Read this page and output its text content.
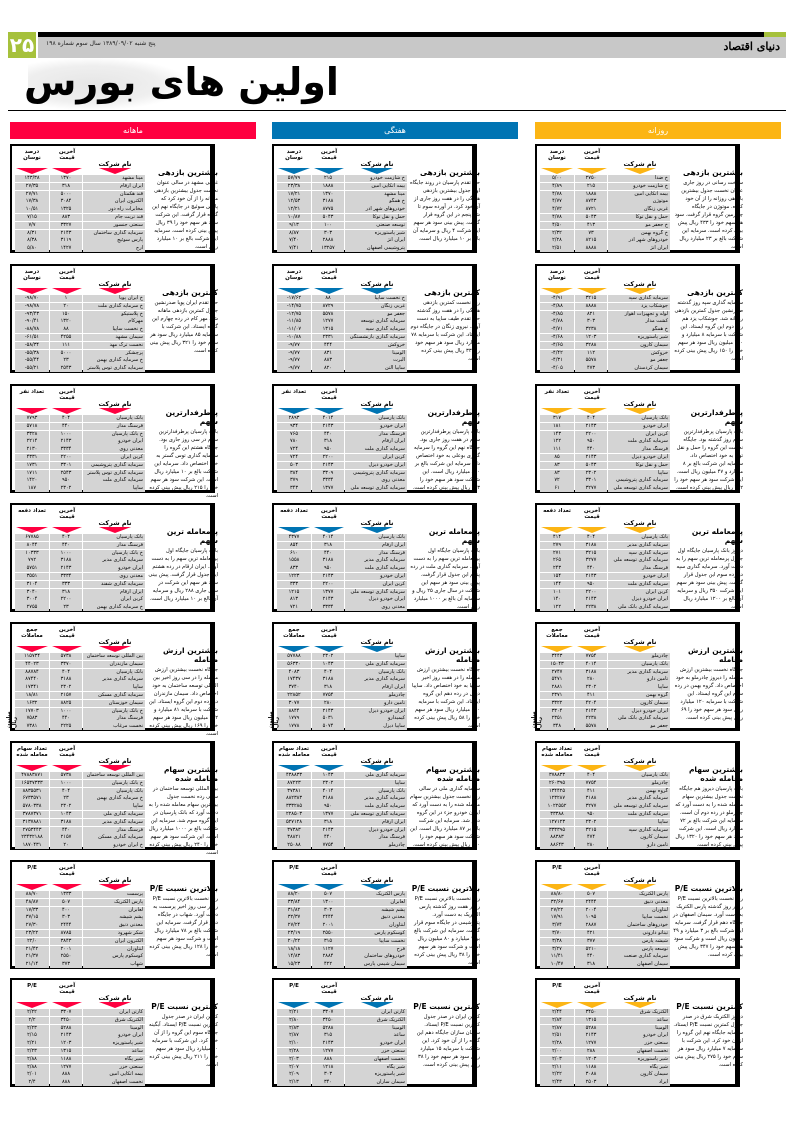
۲۵ پنج شنبه ۱۳۸۹/۰۹/۰۲ سال سوم شماره ۱۹۸	دنیای اقتصاد
اولین های بورس
روزانه
درصد نوسان
آخرین قیمت
نام شرکت
۵/۰۰	۲۷۵۰	خ ضدا
۴/۸۹	۲۱۵	خ شازمت خودرو
۴/۷۸	۱۸۸۸	بیمه اتکایی امین
۴/۷۷	۸۷۴۳	موتوژن
۴/۷۲	۸۷۲۱	غربی زنگان
۴/۷۸	۵۰۴۳	حمل و نقل توکا
۴/۵۰	۴۱۳	خ جعفر مو
۲/۳۲	۷۳	خ گروه بهمن
۲/۲۸	۸۲۱۵	خودروهای شهر آذر
۲/۵۱	۸۸۸۸	ایران آنژ
بیشترین بازدهی
سوخت رسانی در روز جاری عنوان نخست جدول بیشترین بازدهی روزانه را از آن خود کرده. موتوژن در جایگاه چهارمین گروه قرار گرفت. سود هر سهم خود را ۴۳۳ ریال پیش بینی کرده است. سرمایه این شرکت بالغ بر ۲۳ میلیارد ریال است.
درصد نوسان
آخرین قیمت
نام شرکت
-۴/۹۱	۳۲۱۵	سرمایه گذاری سپه
-۴/۸۸	۸۸۸۸	جوشکاب یزد
-۴/۸۵	۸۲۱	لوله و تجهیزات اهواز
-۴/۷۸	۳۰۳	کشت مدار
-۴/۷۱	۳۲۳۸	خ همگو
-۴/۶۸	۱۲۰۳	شیر پاستوریزه
-۴/۶۵	۳۲۸۸	سیمان کارون
-۴/۴۲	۱۱۲	خروکش
-۴/۳۱	۵۵۷۸	جعفر مو
-۴/۰۵	۴۷۳	سیمان کردستان
کمترین بازدهی
سرمایه گذاری سپه روز گذشته صدرنشین جدول کمترین بازدهی روزانه شد. جوشکاب یزد هم رده دوم این گروه ایستاد. این شرکت با سرمایه ۸ میلیارد و ۷۰۰ میلیون ریال سود هر سهم خود را ۱۵۰ ریال پیش بینی کرده است.
تعداد نفر	آخرین قیمت
نام شرکت
۳۱۷	۴۰۴	بانک پارسیان
۱۸۱	۲۱۴۳	ایران خودرو
۱۴۳	۲۲۰۰	کربن ایران
۱۲۲	۹۵۰	سرمایه گذاری ملت
۱۱۱	۴۴۰	فرسنگ مدار
۸۵	۲۱۴۳	ایران خودرو دیزل
۸۳	۵۰۴۳	حمل و نقل توکا
۸۳	۲۳۰۲	ساپیا
۷۲	۳۳۰۱	سرمایه گذاری پتروشیمی
۶۱	۳۲۷۷	سرمایه گذاری توسعه ملی
پرطرفدارترین سهم
بانک پارسیان پرطرفدارترین سهم روز گذشته بود. جایگاه نخست این گروه را حمل و نقل توکا به خود اختصاص داد. سرمایه این شرکت بالغ بر ۸ میلیارد و ۴۷ میلیون ریال است. این شرکت سود هر سهم خود را ۲۰۲ ریال پیش بینی کرده است.
تعداد دفعه	آخرین قیمت
نام شرکت
۴۱۴	۴۰۴	بانک پارسیان
۲۷۹	۳۱۸۸	سرمایه گذاری مدیر
۲۷۱	۳۲۱۵	سرمایه گذاری سپه
۲۶۵	۳۲۷۷	سرمایه گذاری توسعه ملی
۲۴۳	۴۴۰	فرسنگ مدار
۱۵۴	۲۱۴۳	ایران خودرو
۱۴۴	۹۵۰	سرمایه گذاری ملت
۱۰۱	۲۲۰۰	کربن ایران
۱۴۰	۲۱۴۳	ایران خودرو دیزل
۱۲۲	۲۲۳۸	سرمایه گذاری بانک ملی
پرمعامله ترین سهم
دیروز بانک پارسیان جایگاه اول جدول پرمعامله ترین سهم را به دست آورد. سرمایه گذاری سپه در رده سوم این جدول قرار گرفت. پیش بینی سود هر سهم این شرکت ۳۵۰ ریال و سرمایه آن بالغ بر ۱۲۰۰ میلیارد ریال است.
جمع معاملات
آخرین قیمت
نام شرکت
۳۴۴۳	۷۷۵۴	چادرملو
۱۵۰۴۳	۴۰۱۴	بانک پارسیان
۲۷۴۷	۳۱۸۸	سرمایه گذاری مدیر
۵۴۷۱	۲۸۰	تامین دارو
۲۸۸۱	۲۳۰۲	ساپیا
۲۳۷۱	۴۱۱	گروه بهمن
۳۳۲۲	۴۲۰۴	سیمان کارون
۳۳۰۴	۲۱۴۳	ایران خودرو دیزل
۲۳۵۱	۲۲۳۸	سرمایه گذاری بانک ملی
۳۴۸	۵۵۷۸	جعفر مو
بیشترین ارزش معامله
جایگاه نخست بیشترین ارزش معامله را دیروز چادرملو به خود اختصاص داد. گروه بهمن در رده سوم این گروه ایستاد. این شرکت با سرمایه ۱۲۰ میلیارد ریال سود هر سهم خود را ۶۹ ریال پیش بینی کرده است.
میلیون ریال
تعداد سهام معامله شده
آخرین قیمت
نام شرکت
۳۷۸۸۳۳	۴۰۴	بانک پارسیان
۲۶۰۳۹۵	۷۷۵۴	چادرملو
۱۳۴۴۲۵	۴۱۱	گروه بهمن
۱۲۳۲۸۷	۳۱۸۸	سرمایه گذاری مدیر
۱۰۲۲۵۵۲	۳۲۷۷	سرمایه گذاری توسعه ملی
۳۳۳۸۸	۹۵۰	سرمایه گذاری ملت
۱۲۷۱۲۳	۲۳۰۲	ساپیا
۳۳۳۳۹۵	۳۲۱۵	سرمایه گذاری سپه
۸۸۳۸۳	۴۷۴	سیمان کارون
۸۸۶۴۳	۲۸۰	تامین دارو
بیشترین سهام معامله شده
بانک پارسیان دیروز هم جایگاه نخست جدول بیشترین سهام معامله شده را به دست آورد که چادرملو در رده دوم آن است. سرمایه این شرکت بالغ بر ۷۲ میلیارد ریال است. این شرکت سود هر سهم خود را ۱۳۲۰ ریال پیش بینی کرده است.
P/E	آخرین قیمت
نام شرکت
۸۸/۸۰	۵۰۷	پارس الکتریک
۳۲/۶۷	۲۴۴۴	معدنی دنیق
۲۷/۲۲	۲۰۰۴	لنتاوران
۱۷/۹۱	۱۰۹۵	نخست ساپیا
۳/۷۴	۲۸۸۷	خودروهای ساختمان
۳/۷۰	۴۲۱	تیتانو دارونی
۳/۳۸	۳۷۷	شیشه پارس
۳/۲۷	۵۲۱۰	توسعه پارس
۱۱/۴۱	۴۴۰	سرمایه گذاری صنعت
۱۰/۴۷	۳۱۸	سیمان اصفهان
بالاترین نسبت P/E
رده نخست بالاترین نسبت P/E را در روز گذشته پارس الکتریک به دست آورد. سیمان اصفهان در جایگاه دهم قرار گرفت. سرمایه این شرکت بالغ بر ۳ میلیارد و ۴۹ میلیون ریال است و شرکت سود هر سهم خود را ۳۴۷ ریال پیش بینی کرده است.
P/E	آخرین قیمت
نام شرکت
۲/۴۴	۳۴۵۰	الکتریک شرق
۲/۸۴	۱۳۱۵	ساعد
۲/۸۷	۵۲۸۸	آلومینا
۲/۵۱	۲۱۴۳	ایران خودرو
۲/۲۸	۱۲۷۷	سنعتی خزر
۲/۰۰	۲۸۸	نخست اصفهان
۲/۰۳	۱۲۰۳	شیر پاستوریزه
۲/۱۱	۱۱۸۸	شیر پگاه
۲/۲۲	۳۰۸۸	سیمان کارون
۲/۴۳	۲۵۰۳	ایراد
کمترین نسبت P/E
دیروز الکتریک شرق در صدر جدول کمترین نسبت P/E ایستاد. سرمایه جایگاه نهم این گروه را از آن خود کرد. این شرکت با سرمایه ۷ میلیارد ریال سود هر سهم خود را ۲۷۵ ریال پیش بینی کرده است.
هفتگی
درصد نوسان
آخرین قیمت
نام شرکت
۵۷/۷۹	۲۱۵	خ شازمت خودرو
۲۳/۳۸	۱۸۸۸	بیمه اتکایی امین
۱۷/۲۱	۱۳۷۰	مینا مشهد
۱۲/۵۳	۳۱۸۸	خ همگو
۱۲/۲۱	۸۷۷۵	خودروهای شهر آذر
۱۰/۸۷	۵۰۴۳	حمل و نقل توکا
۹/۱۳	۱۰۰	توسعه صنعتی
۸/۸۷	۳۰۳	شیر پاستوریزه
۷/۴۰	۲۸۸۸	ایران آنژ
۷/۴۱	۱۳۲۵۷	پتروشیمی اصفهان
بیشترین بازدهی
حق تقدم پارسیان در روند جایگاه اول جدول بیشترین بازدهی هفتگی را در هفت روز جاری از آن خود کرد. در آورده سوم تا شد پنجم در این گروه قرار گرفت. پیش بینی سود هر سهم این شرکت ۴ ریال و سرمایه آن بالغ بر ۱۰ میلیارد ریال است.
درصد نوسان
آخرین قیمت
نام شرکت
-۱۷/۶۲	۸۸	خ نخست ساپیا
-۱۴/۷۵	۸۷۲۹	غربی زنگان
-۱۲/۷۵	۵۵۷۸	جعفر مو
-۱۱/۸۵	۱۲۷۷	سرمایه گذاری توسعه
-۱۱/۰۷	۱۳۱۵	سرمایه گذاری سپه
-۱۰/۸۸	۲۳۳۱	سرمایه گذاری بازنشستگی
-۹/۷۷	۴۴۴	خروکش
-۹/۷۷	۸۳۱	آلومینا
-۹/۷۷	۸۸۳	آلبرت
-۹/۷۷	۸۲۰	ساپیا آلتن
کمترین بازدهی
رده نخست کمترین بازدهی هفتگی را در هفت روز گذشته حق تقدم طیف ساپیا به دست آورد. نیروی زنگان در جایگاه دوم ایستاد. این شرکت با سرمایه ۷۸ میلیارد ریال سود هر سهم خود را ۳۳۱ ریال پیش بینی کرده است.
تعداد نفر	آخرین قیمت
نام شرکت
۲۸۹۳	۴۰۱۴	بانک پارسیان
۹۳۴	۲۱۴۳	ایران خودرو
۷۶۵	۴۴۰	فرسنگ مدار
۷۸۰	۳۱۸	ایران ارقام
۷۲۴	۹۵۰	سرمایه گذاری ملت
۷۲۴	۲۲۰۰	کربن ایران
۵۰۳	۲۱۴۳	ایران خودرو دیزل
۳۸۴	۳۳۰۹	سرمایه گذاری پتروشیمی
۳۷۹	۳۳۳۴	معدنی روی
۳۴۳	۱۳۷۷	سرمایه گذاری توسعه ملی
پرطرفدارترین سهم
بانک پارسیان پرطرفدارترین سهم در هفت روز جاری بود. جایگاه نهم این گروه را سرمایه گذاری بوعلی به خود اختصاص داد. سرمایه این شرکت بالغ بر ۸۰۰ میلیارد ریال است. این شرکت سود هر سهم خود را ۲۳۳ ریال پیش بینی کرده است.
تعداد دفعه	آخرین قیمت
نام شرکت
۴۳۷۷	۴۰۱۴	بانک پارسیان
۸۵۴	۳۱۸	ایران ارقام
۶۱۰	۴۴۰	فرسنگ مدار
۱۵۵۸	۳۱۸۸	سرمایه گذاری مدیر
۸۳۳	۹۵۰	سرمایه گذاری ملت
۱۲۲۳	۲۱۴۳	ایران خودرو
۳۳۳	۲۲۰۰	کربن ایران
۱۲۱۵	۱۳۷۷	سرمایه گذاری توسعه ملی
۸۱۳	۲۱۴۳	ایران خودرو دیزل
۷۲۱	۳۳۳۴	معدنی روی
پرمعامله ترین سهم
بانک پارسیان جایگاه اول پرمعامله ترین سهم را به دست آورد. سرمایه گذاری ملت در رده پنجم این جدول قرار گرفت. پیش بینی سود هر سهم این شرکت در سال جاری ۲۵ ریال و سرمایه آن بالغ بر ۱۰۰۰ میلیارد ریال است.
جمع معاملات
آخرین قیمت
نام شرکت
۵۷۷۸۸	۲۳۰۲	ساپیا
۵۶۳۳۰	۱۰۴۳	سرمایه گذاری ملی
۴۰۸۳	۴۰۴	بانک پارسیان
۱۷۴۳۷	۳۱۸۸	سرمایه گذاری مدیر
۳۷۴۰	۳۱۸	ایران ارقام
۲۲۸۵۲	۷۷۵۴	چادرملو
۳۰۷۷	۲۸۰	تامین دارو
۸۸۴۴	۲۱۴۳	ایران خودرو دیزل
۱۷۷۹	۵۰۳۱	کیمیدارو
۱۷۷۸	۵۰۷۴	ساپیا دیزل
بیشترین ارزش معامله
جایگاه نخست بیشترین ارزش معامله را در هفت روز اخیر ساپیا به خود اختصاص داد. ساپیا دیزل در رده دهم این گروه ایستاد. این شرکت با سرمایه ۶۰۰ میلیارد ریال سود هر سهم خود را ۵۸ ریال پیش بینی کرده است.
میلیون ریال
تعداد سهام معامله شده
آخرین قیمت
نام شرکت
۴۳۸۸۳۳	۱۰۴۳	سرمایه گذاری ملی
۸۷۲۲۳	۲۳۰۲	ساپیا
۳۷۳۸۱	۴۰۱۴	بانک پارسیان
۸۸۲۳۸۳	۳۱۸۸	سرمایه گذاری مدیر
۳۳۳۲۸۵	۹۵۰	سرمایه گذاری ملت
۲۲۸۵۰۳	۱۳۷۷	سرمایه گذاری توسعه ملی
۵۲۷۱۲۸	۳۱۸	ایران ارقام
۳۷۳۸۳	۲۱۴۳	ایران خودرو دیزل
۳۸۸۲۱	۴۴۰	فرسنگ مدار
۲۵۰۸۸	۷۷۵۴	چادرملو
بیشترین سهام معامله شده
سرمایه گذاری ملی در سالی رده نخست جدول بیشترین سهام معامله شده را به دست آورد که ایران خودرو جزء در این گروه دهم شد. سرمایه این شرکت بالغ بر ۸۷ میلیارد ریال است. این شرکت سود هر سهم خود را ۱۱۰ ریال پیش بینی کرده است.
P/E	آخرین قیمت
نام شرکت
۸۸/۲۰	۵۰۷	پارس الکتریک
۳۳/۸۴	۱۳۰۰	لعابران
۳۱/۸۲	۳۰۳	پشم شیشه
۳۲/۳۷	۲۴۴۴	معدنی دنیق
۲۷/۲۴	۲۰۰۱	لنتاوران
۲۳/۱۹	۲۵۵۰	کوسکوم پارس
۲۰/۲۲	۳۱۵	نخست ساپیا
۱۸/۱۸	۱۱۲۷	فرح
۱۴/۸۳	۲۸۸۴	خودروهای ساختمان
۱۵/۲۳	۴۲۲	سیمان شیمی پارس
بالاترین نسبت P/E
رده نخست بالاترین نسبت P/E را در هفت روز گذشته پارس الکتریک به دست آورد. پتروشیمی در جایگاه سوم قرار گرفت. سرمایه این شرکت بالغ بر ۳ میلیارد و ۸۰ میلیون ریال است و شرکت سود هر سهم خود را ۳۸ ریال پیش بینی کرده است.
P/E	آخرین قیمت
نام شرکت
۲/۲۱	۳۳۰۷	کارتن ایران
۲/۸۰	۳۴۵۰	الکتریک شرق
۲/۸۳	۵۲۸۸	آلومینا
۲/۸۷	۳۱۵	ساعد
۲/۱۰	۲۱۴۳	ایران خودرو
۲/۲۸	۱۲۷۷	سنعتی خزر
۲/۰۳	۸۸۸	نخست اصفهان
۲/۰۷	۱۲۱۸	شیر پگاه
۲/۰۹	۳۰۳	شیر پاستوریزه
۲/۱۳	۳۴۰	سیمان ساران
کمترین نسبت P/E
کارتن ایران در صدر جدول کمترین نسبت P/E ایستاد. سیمان سازان جایگاه دهم این گروه را از آن خود کرد. این شرکت با سرمایه ۱۵ میلیارد ریال سود هر سهم خود را ۳۸ ریال پیش بینی کرده است.
ماهانه
درصد نوسان
آخرین قیمت
نام شرکت
۱۴۳/۳۸	۱۳۷۰	مینا مشهد
۲۷/۳۵	۳۱۸	ایران ارقام
۲۷/۷۱	۵۰۰۰	قند هکمتان
۱۷/۳۸	۳۰۸۴	آلکترون ایران
۱۰/۵۱	۱۳۲۵	مخابرات راه دور
۷/۱۵	۸۸۳	قند تربت جام
۷/۷	۳۳۲۷	سنعتی جنسور
۸/۳۱	۲۱۴۳	سرمایه گذاری ساختمان
۸/۳۸	۳۱۱۹	پارس سوئیچ
۵/۸۰	۱۴۲۷	ارج
بیشترین بازدهی
غذایی مشهد در سالی عنوان نخست جدول بیشترین بازدهی ماهانه را از آن خود کرد که پارس سوئیچ در جایگاه نهم این گروه قرار گرفت. این شرکت سود هر سهم خود را ۳۹ ریال پیش بینی کرده است. سرمایه این شرکت بالغ بر ۱۰ میلیارد ریال است.
درصد نوسان
آخرین قیمت
نام شرکت
-۹۸/۷۰	۱	خ ایران پویا
-۹۸/۷۸	۲۰	خ سرمایه گذاری ملت
-۹۳/۴۳	۱۵۰	خ پلاستیکو
-۹۰/۴۱	۱۳۲۰	مهرکام
-۸۸/۷۸	۸۸	خ نخست ساپیا
-۶۱/۵۱	۴۲۵۵	سیمان مشهد
-۵۸/۳۴	۱۱۱	نخست ترک مهد
-۵۵/۳۸	۵۰۰۰	پرچشکر
-۵۵/۴۴	۲۳	خ سرمایه گذاری بهمن
-۵۵/۲۱	۲۵۴۳	سرمایه گذاری توس پلاستر
کمترین بازدهی
حق تقدم ایران پویا صدرنشین جدول کمترین بازدهی ماهانه شد. مهر کام در رده چهارم این گروه ایستاد. این شرکت با سرمایه ۸۵ میلیارد ریال سود هر سهم خود را ۳۲۱ ریال پیش بینی کرده است.
تعداد نفر	آخرین قیمت
نام شرکت
۷۷۹۳	۴۰۴	بانک پارسیان
۵۷۱۸	۴۴۰	فرسنگ مدار
۳۳۲۸	۱۰۰۰	خ بانک پارسیان
۲۲۱۴	۲۱۴۳	ایران خودرو
۲۱۳۰	۳۳۳۴	معدنی روی
۴۳۳۱	۲۲۰۰	کربن ایران
۱۷۳۱	۳۳۰۱	سرمایه گذاری پتروشیمی
۱۷۱۱	۲۵۴۳	سرمایه گذاری توس پلاستر
۱۴۲۰	۹۵۰	سرمایه گذاری ملت
۱۸۷	۲۳۰۲	ساپیا
پرطرفدارترین سهم
بانک پارسیان پرطرفدارترین سهم در سی روز جاری بود. جایگاه هشتم این گروه را سرمایه گذاری توس گستر به خود اختصاص داد. سرمایه این شرکت بالغ بر ۱۰ میلیارد ریال است. این شرکت سود هر سهم خود را ۲۱۵ ریال پیش بینی کرده است.
تعداد دفعه	آخرین قیمت
نام شرکت
۶۷۷۸۵	۴۰۴	بانک پارسیان
۸۰۴۴	۴۴۰	فرسنگ مدار
۱۰۳۳۳	۱۰۰۰	خ بانک پارسیان
۷۹۲	۳۱۸۸	سرمایه گذاری مدیر
۵۷۵۱	۲۱۴۳	ایران خودرو
۳۵۵۱	۳۳۳۴	معدنی روی
۳۱۰۴	۳۳۳	سرمایه گذاری شفند
۳۰۴۰	۳۱۸	ایران ارقام
۳۰۰۴	۲۲۰۰	کربن ایران
۲۷۵۵	۲۳	خ سرمایه گذاری بهمن
پرمعامله ترین سهم
بانک پارسیان جایگاه اول پرمعامله ترین سهم را به دست آورد. ایران ارقام در رده هشتم این جدول قرار گرفت. پیش بینی سود هر سهم این شرکت در سال جاری ۲۸۸ ریال و سرمایه آن بالغ بر ۱۰ میلیارد ریال است.
جمع معاملات
آخرین قیمت
نام شرکت
۱۱۵۷۳۴	۵۷۳۸	بین المللی توسعه ساختمان
۴۴۰۲۳	۳۳۷۰	سیمان مازندران
۸۸۷۸۴	۴۰۴	بانک پارسیان
۸۷۴۴۰	۳۱۸۸	سرمایه گذاری مدیر
۱۷۳۴۱	۲۳۰۲	ساپیا
۱۸/۸۱	۲۱۵۷	سرمایه گذاری مسکن
۱۶۳۲	۸۸۲۵	سیمان خوزستان
۱۷۷۰۳	۱۰۰۰	خ بانک پارسیان
۷۵۸۳	۴۴۰	فرسنگ مدار
۷۳۸۱	۲۲۲۵	نخست مرغاب
بیشترین ارزش معامله
جایگاه نخست بیشترین ارزش معامله را در سی روز اخیر بین المللی توسعه ساختمان به خود اختصاص داد. سیمان مازندران در رده دوم این گروه ایستاد. این شرکت با سرمایه ۸۱ میلیارد و ۳۳۲ میلیون ریال سود هر سهم خود را ۱۶۹ ریال پیش بینی کرده است.
میلیون ریال
تعداد سهام معامله شده
آخرین قیمت
نام شرکت
۴۷۸۸۳۸۷۱	۵۷۳۸	بین المللی توسعه ساختمان
۱۶۵۳۷۳۳۳	۱۰۰۰	خ بانک پارسیان
۸۸۳۵۵۳۱	۴۰۴	بانک پارسیان
۶۷۳۳۵۷۱	۲۳	خ سرمایه گذاری بهمن
۵۷۸۰۳۳۸	۲۳۰۲	ساپیا
۳۷۸۷۳۷۱	۱۰۴۳	سرمایه گذاری ملی
۳۱۳۷۸۸۱	۳۱۸۸	سرمایه گذاری مدیر
۲۷۵۳۴۴۳	۴۴۰	فرسنگ مدار
۲۳۴۳۲۱۸۸	۲۱۵۷	سرمایه گذاری مسکن
۱۸۷۰۴۳۱	۲۰	خ ایران خودرو
بیشترین سهام معامله شده
بین المللی توسعه ساختمان در سالی رده نخست جدول بیشترین سهام معامله شده را به دست آورد که بانک پارسیان در این گروه سوم شد. سرمایه این شرکت بالغ بر ۱۰۰۰ میلیارد ریال است. این شرکت سود هر سهم خود را ۲۴۰ ریال پیش بینی کرده است.
P/E	آخرین قیمت
نام شرکت
۸۸/۷۰	۱۳۳۳	پرسمت
۴۸/۸۷	۵۰۷	پارس الکتریک
۱۷/۳۳	۴۰۰	لعابران
۳۷/۱۵	۳۰۳	پشم شیشه
۲۷/۳۰	۲۴۴۴	معدنی دنیق
۲۳/۲۲	۸۷۸۵	شکر شهرود
۲۲/۰	۳۸۴۳	آلکترون ایران
۲۱/۴۲	۲۰۰۱	لنتاوران
۲۱/۳۷	۲۵۵۰	کوسکوم پارس
۲۱/۱۴	۳۷۳	شهاب
بالاترین نسبت P/E
رده نخست بالاترین نسبت P/E را در سی روز اخیر پرسمت به دست آورد. شهاب در جایگاه دهم قرار گرفت. سرمایه این شرکت بالغ بر ۷۸ میلیارد ریال است و شرکت سود هر سهم خود را ۱۲۸ ریال پیش بینی کرده است.
P/E	آخرین قیمت
نام شرکت
۲/۲۲	۳۳۰۷	کارتن ایران
۲/۲	۳۴۵۰	الکتریک شرق
۲/۲۳	۵۲۸۸	آلومینا
۲/۱۵	۲۱۴۳	ایران خودرو
۲/۲۱	۱۲۰۳	شیر پاستوریزه
۲/۲۳	۱۳۱۵	ساعد
۲/۸۸	۱۱۸۸	شیر پگاه
۲/۸۸	۱۲۷۷	سنعتی خزر
۲/۰۱	۸۸۸	بیمه اتکایی امین
۲/۴	۸۸۸	نخست اصفهان
کمترین نسبت P/E
کارتن ایران در صدر جدول کمترین نسبت P/E ایستاد. آبگینه جایگاه سوم این گروه را از آن خود کرد. این شرکت با سرمایه ۶۰ میلیارد ریال سود هر سهم خود را ۲۱۱ ریال پیش بینی کرده است.
